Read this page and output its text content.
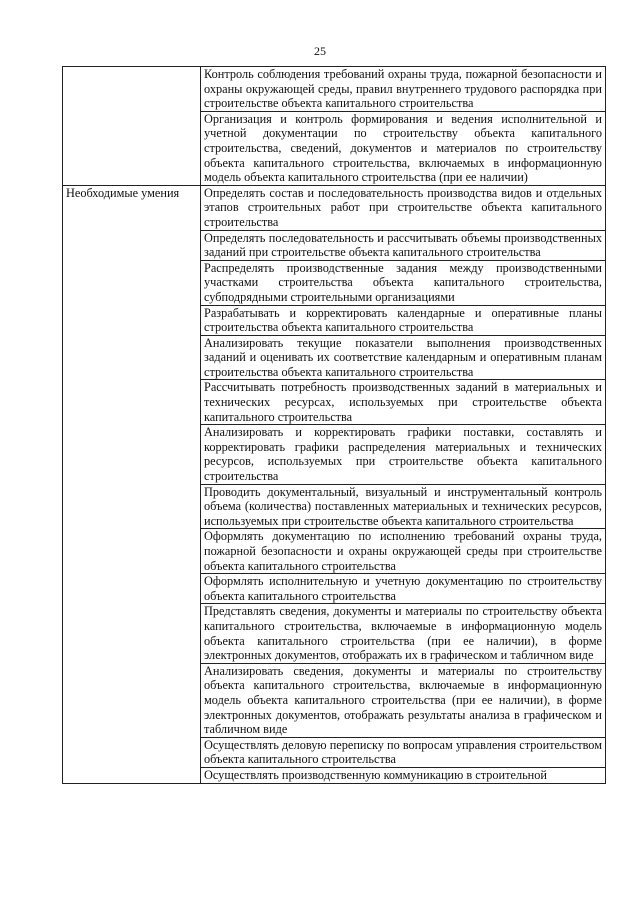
25
	Контроль соблюдения требований охраны труда, пожарной безопасности и охраны окружающей среды, правил внутреннего трудового распорядка при строительстве объекта капитального строительства
	Организация и контроль формирования и ведения исполнительной и учетной документации по строительству объекта капитального строительства, сведений, документов и материалов по строительству объекта капитального строительства, включаемых в информационную модель объекта капитального строительства (при ее наличии)
Необходимые умения	Определять состав и последовательность производства видов и отдельных этапов строительных работ при строительстве объекта капитального строительства
	Определять последовательность и рассчитывать объемы производственных заданий при строительстве объекта капитального строительства
	Распределять производственные задания между производственными участками строительства объекта капитального строительства, субподрядными строительными организациями
	Разрабатывать и корректировать календарные и оперативные планы строительства объекта капитального строительства
	Анализировать текущие показатели выполнения производственных заданий и оценивать их соответствие календарным и оперативным планам строительства объекта капитального строительства
	Рассчитывать потребность производственных заданий в материальных и технических ресурсах, используемых при строительстве объекта капитального строительства
	Анализировать и корректировать графики поставки, составлять и корректировать графики распределения материальных и технических ресурсов, используемых при строительстве объекта капитального строительства
	Проводить документальный, визуальный и инструментальный контроль объема (количества) поставленных материальных и технических ресурсов, используемых при строительстве объекта капитального строительства
	Оформлять документацию по исполнению требований охраны труда, пожарной безопасности и охраны окружающей среды при строительстве объекта капитального строительства
	Оформлять исполнительную и учетную документацию по строительству объекта капитального строительства
	Представлять сведения, документы и материалы по строительству объекта капитального строительства, включаемые в информационную модель объекта капитального строительства (при ее наличии), в форме электронных документов, отображать их в графическом и табличном виде
	Анализировать сведения, документы и материалы по строительству объекта капитального строительства, включаемые в информационную модель объекта капитального строительства (при ее наличии), в форме электронных документов, отображать результаты анализа в графическом и табличном виде
	Осуществлять деловую переписку по вопросам управления строительством объекта капитального строительства
	Осуществлять производственную коммуникацию в строительной
